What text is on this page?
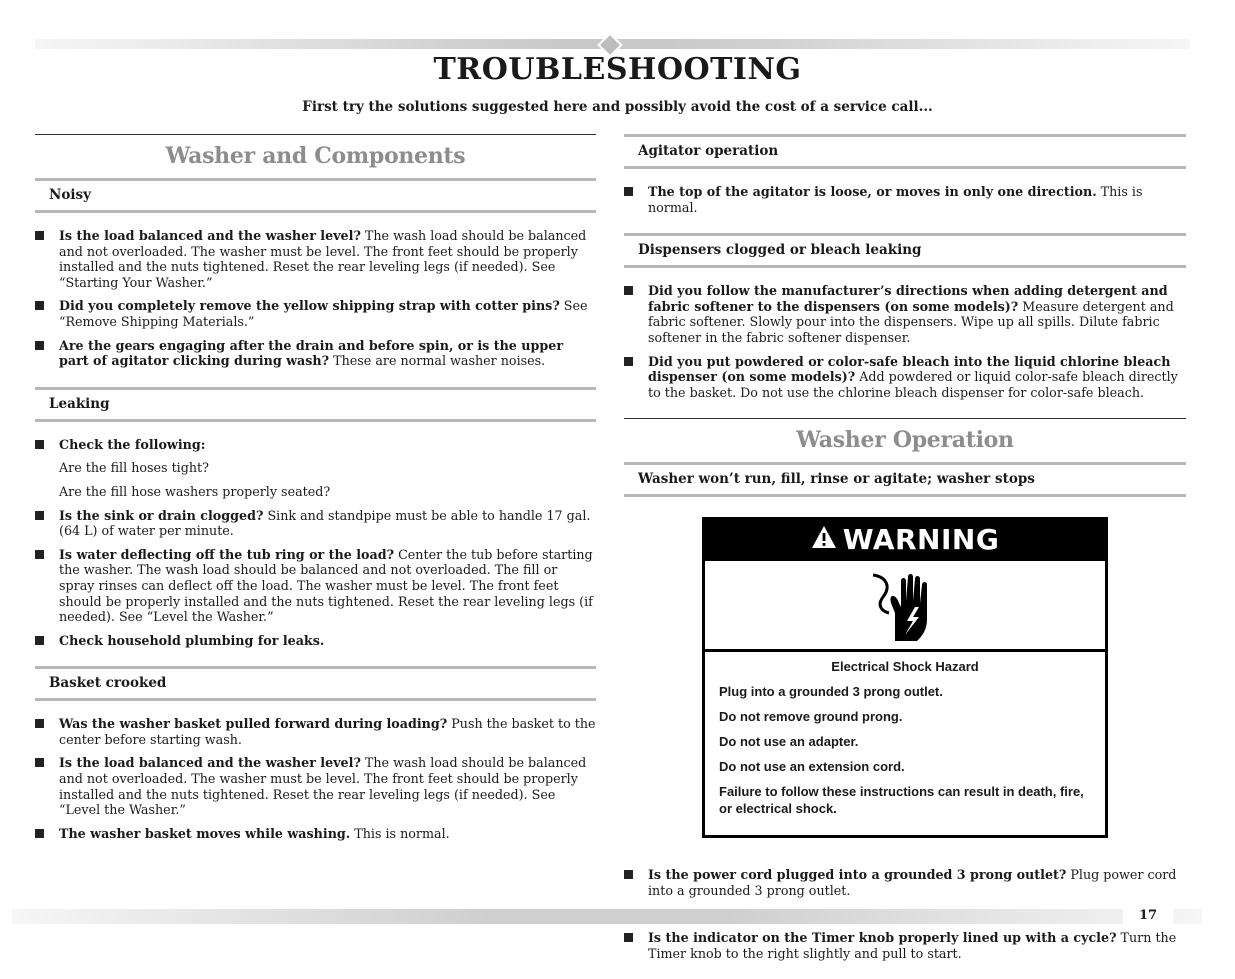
TROUBLESHOOTING
First try the solutions suggested here and possibly avoid the cost of a service call...
Washer and Components
Noisy
Is the load balanced and the washer level? The wash load should be balanced and not overloaded. The washer must be level. The front feet should be properly installed and the nuts tightened. Reset the rear leveling legs (if needed). See “Starting Your Washer.”
Did you completely remove the yellow shipping strap with cotter pins? See “Remove Shipping Materials.”
Are the gears engaging after the drain and before spin, or is the upper part of agitator clicking during wash? These are normal washer noises.
Leaking
Check the following:
Are the fill hoses tight?
Are the fill hose washers properly seated?
Is the sink or drain clogged? Sink and standpipe must be able to handle 17 gal. (64 L) of water per minute.
Is water deflecting off the tub ring or the load? Center the tub before starting the washer. The wash load should be balanced and not overloaded. The fill or spray rinses can deflect off the load. The washer must be level. The front feet should be properly installed and the nuts tightened. Reset the rear leveling legs (if needed). See “Level the Washer.”
Check household plumbing for leaks.
Basket crooked
Was the washer basket pulled forward during loading? Push the basket to the center before starting wash.
Is the load balanced and the washer level? The wash load should be balanced and not overloaded. The washer must be level. The front feet should be properly installed and the nuts tightened. Reset the rear leveling legs (if needed). See “Level the Washer.”
The washer basket moves while washing. This is normal.
Agitator operation
The top of the agitator is loose, or moves in only one direction. This is normal.
Dispensers clogged or bleach leaking
Did you follow the manufacturer’s directions when adding detergent and fabric softener to the dispensers (on some models)? Measure detergent and fabric softener. Slowly pour into the dispensers. Wipe up all spills. Dilute fabric softener in the fabric softener dispenser.
Did you put powdered or color-safe bleach into the liquid chlorine bleach dispenser (on some models)? Add powdered or liquid color-safe bleach directly to the basket. Do not use the chlorine bleach dispenser for color-safe bleach.
Washer Operation
Washer won’t run, fill, rinse or agitate; washer stops
WARNING
Electrical Shock Hazard
Plug into a grounded 3 prong outlet.
Do not remove ground prong.
Do not use an adapter.
Do not use an extension cord.
Failure to follow these instructions can result in death, fire, or electrical shock.
Is the power cord plugged into a grounded 3 prong outlet? Plug power cord into a grounded 3 prong outlet.
Is the indicator on the Timer knob properly lined up with a cycle? Turn the Timer knob to the right slightly and pull to start.
17
